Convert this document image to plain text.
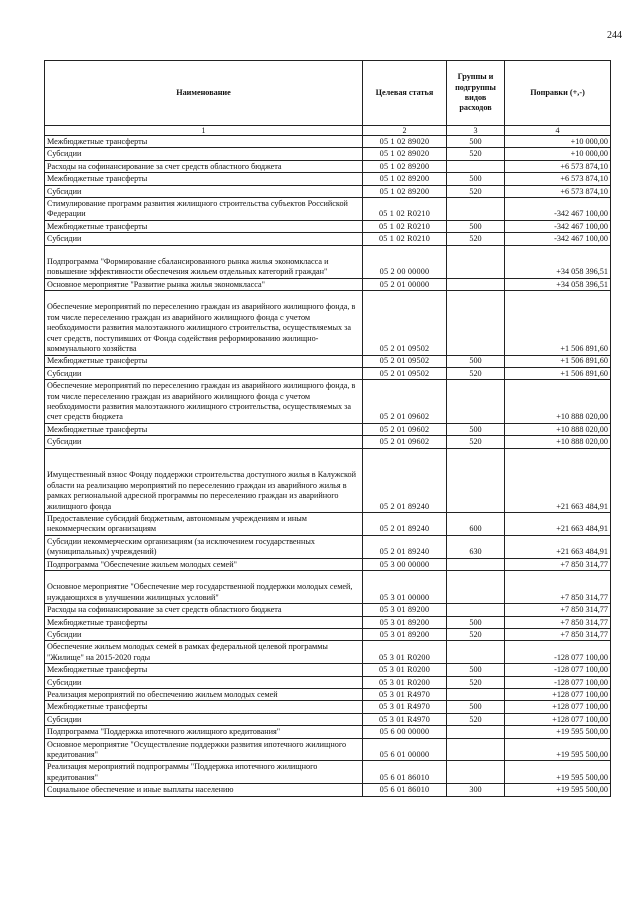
244
Наименование	Целевая статья	Группы и подгруппы видов расходов	Поправки (+,-)
1	2	3	4
Межбюджетные трансферты	05 1 02 89020	500	+10 000,00
Субсидии	05 1 02 89020	520	+10 000,00
Расходы на софинансирование за счет средств областного бюджета	05 1 02 89200		+6 573 874,10
Межбюджетные трансферты	05 1 02 89200	500	+6 573 874,10
Субсидии	05 1 02 89200	520	+6 573 874,10
Стимулирование программ развития жилищного строительства субъектов Российской Федерации	05 1 02 R0210		-342 467 100,00
Межбюджетные трансферты	05 1 02 R0210	500	-342 467 100,00
Субсидии	05 1 02 R0210	520	-342 467 100,00
Подпрограмма "Формирование сбалансированного рынка жилья экономкласса и повышение эффективности обеспечения жильем отдельных категорий граждан"	05 2 00 00000		+34 058 396,51
Основное мероприятие "Развитие рынка жилья экономкласса"	05 2 01 00000		+34 058 396,51
Обеспечение мероприятий по переселению граждан из аварийного жилищного фонда, в том числе переселению граждан из аварийного жилищного фонда с учетом необходимости развития малоэтажного жилищного строительства, осуществляемых за счет средств, поступивших от Фонда содействия реформированию жилищно-коммунального хозяйства	05 2 01 09502		+1 506 891,60
Межбюджетные трансферты	05 2 01 09502	500	+1 506 891,60
Субсидии	05 2 01 09502	520	+1 506 891,60
Обеспечение мероприятий по переселению граждан из аварийного жилищного фонда, в том числе переселению граждан из аварийного жилищного фонда с учетом необходимости развития малоэтажного жилищного строительства, осуществляемых за счет средств бюджета	05 2 01 09602		+10 888 020,00
Межбюджетные трансферты	05 2 01 09602	500	+10 888 020,00
Субсидии	05 2 01 09602	520	+10 888 020,00
Имущественный взнос Фонду поддержки строительства доступного жилья в Калужской области на реализацию мероприятий по переселению граждан из аварийного жилья в рамках региональной адресной программы по переселению граждан из аварийного жилищного фонда	05 2 01 89240		+21 663 484,91
Предоставление субсидий бюджетным, автономным учреждениям и иным некоммерческим организациям	05 2 01 89240	600	+21 663 484,91
Субсидии некоммерческим организациям (за исключением государственных (муниципальных) учреждений)	05 2 01 89240	630	+21 663 484,91
Подпрограмма "Обеспечение жильем молодых семей"	05 3 00 00000		+7 850 314,77
Основное мероприятие "Обеспечение мер государственной поддержки молодых семей, нуждающихся в улучшении жилищных условий"	05 3 01 00000		+7 850 314,77
Расходы на софинансирование за счет средств областного бюджета	05 3 01 89200		+7 850 314,77
Межбюджетные трансферты	05 3 01 89200	500	+7 850 314,77
Субсидии	05 3 01 89200	520	+7 850 314,77
Обеспечение жильем молодых семей в рамках федеральной целевой программы "Жилище" на 2015-2020 годы	05 3 01 R0200		-128 077 100,00
Межбюджетные трансферты	05 3 01 R0200	500	-128 077 100,00
Субсидии	05 3 01 R0200	520	-128 077 100,00
Реализация мероприятий по обеспечению жильем молодых семей	05 3 01 R4970		+128 077 100,00
Межбюджетные трансферты	05 3 01 R4970	500	+128 077 100,00
Субсидии	05 3 01 R4970	520	+128 077 100,00
Подпрограмма "Поддержка ипотечного жилищного кредитования"	05 6 00 00000		+19 595 500,00
Основное мероприятие "Осуществление поддержки развития ипотечного жилищного кредитования"	05 6 01 00000		+19 595 500,00
Реализация мероприятий подпрограммы "Поддержка ипотечного жилищного кредитования"	05 6 01 86010		+19 595 500,00
Социальное обеспечение и иные выплаты населению	05 6 01 86010	300	+19 595 500,00
